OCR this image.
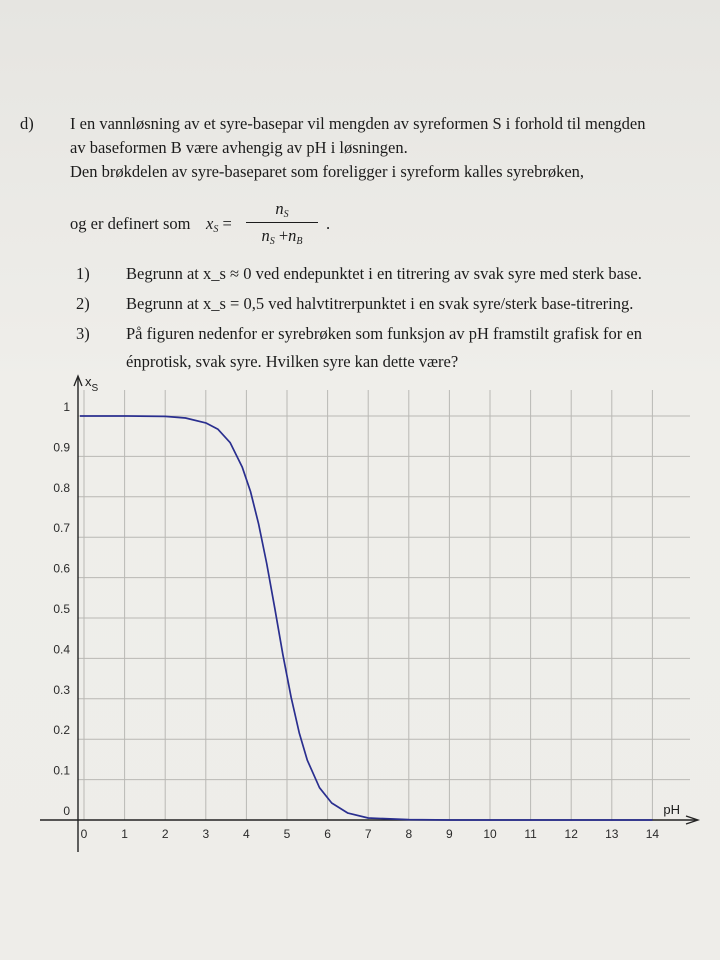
d) I en vannløsning av et syre-basepar vil mengden av syreformen S i forhold til mengden
av baseformen B være avhengig av pH i løsningen.
Den brøkdelen av syre-baseparet som foreligger i syreform kalles syrebrøken,
og er definert som $x_S$ =
$n_S$
$n_S +n_B$
.
1) Begrunn at x_s ≈ 0 ved endepunktet i en titrering av svak syre med sterk base.
2) Begrunn at x_s = 0,5 ved halvtitrerpunktet i en svak syre/sterk base-titrering.
3) På figuren nedenfor er syrebrøken som funksjon av pH framstilt grafisk for en énprotisk, svak syre. Hvilken syre kan dette være?
0	1	2	3	4	5	6	7	8	9	10 11 12 13 14
0
0.1
0.2
0.3
0.4
0.5
0.6
0.7
0.8
0.9
1
$x_S$
pH
